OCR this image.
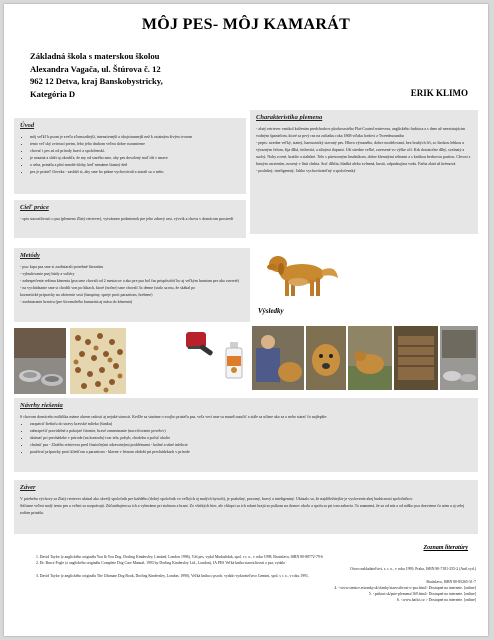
MÔJ PES- MÔJ KAMARÁT
Základná škola s materskou školou
Alexandra Vagača, ul. Štúrova č. 12
962 12 Detva, kraj Banskobystricky,
Kategória D	ERIK KLIMO
Úvod
• môj veľkľ k psom je zveľa zľomozdiejší, intenzívnejší a obojstrannejší než k ostatným živým tvorom
• tento veľ ský zvierací pretm, lebo jeho druhom veľmi dobre rozumieme
• chovať i pes sú od prírody hraví a spoločenskí.
• je smutná a slúži aj okruhľa, že my od starého sme, aby pes dovolený maľ tŕň v tmave
• o seba, prináša a plní mnohé úlohy, keď nemáme štastný deň
• pes je priateľ človeka - zaslúži si, aby sme ho pekne vychovávali a starali sa o neho
Cieľ práce

- opis starostlivosti o psa (plemeno Zlatý retriever), vytvárame podmienok pre jeho zdravý rast, výcvik a chovu v domácom prostredí

Charakteristika plemena

- zlatý retriever vznikol krížením predchodcov plochosrstého Flat-Coated retrievera, anglického farbiaca a s dnes už neexistujúcim vodným španielom, ktoré sa prvý raz na začiatku roka 1868 vďaka lordovi z Tweedmounthu

- pepis: stredne veľký, statný, harmonický stavaný pes. Hlava výrazného, dobre modelovaná, bez hrubých čŕt, so širokou lebkou a výrazným čelom, šija dlhá, tiežuvitá, a silnými tlapami. Uši stredne veľké, zavesené vo výške očí. Krk dostatočne dlhý, svalnatý a suchý. Nohy rovné, kratšie a stabilné. Telo s priestorným hrudníkom, dobre klenutými rebrami a s krátkou bedrovou partiou. Chvost s hustým osrstením, nosený v línii chrbta. Srsť dlhšia, hladká alebo zvlnená, hustá, odpudzujúca vodu. Farba zlatá až krémová.

- poslušný, inteligentný, ľahko vychovávateľný a spoločenský

Metódy

- psa: krpa psa sme si zaobstarali potrebné literatúru

- vybudovanie psej búdy a voliéry

- zabezpečenie režimu kŕmenia (psa sme chovali od 2 mesiacov a ako pre psa bol čas prispôsobiť ho aj veľkým hraniam pes ako zavreté)

- na vychádzanie sme si chodili von po lúkach, ktoré (nočne) sme chovali 3x denne (stalo sa mu, že skákal po

kozmetické prípravky na ošetrenie srsti (šampóny, spreje proti parazitom, hrebene)

- zaobstaranie krmiva (pre štvornohého kamaráta aj mäsa do kŕmenia)

Výsledky
Návrhy riešenia

S chovom domáceho miláčika máme okrem radosti aj nejaké starosti. Keďže sa staráme o svojho priateľa psa, veľa vecí sme sa museli naučiť a stále sa učíme ako sa o neho starať čo najlepšie:

• zaopatriť šteňaťu do stravy kravské mlieko (šunku)
• zabezpečiť pravidelné a pokojné čistenie, hravé zamestnanie (nacvičovanie povelov)
• skúmať pri prechádzke v prírode (na kontrolu) tvar tela, pohyb, chodzbu a počuť okolie
• chrániť psa - Zlatého retrievera pred čiastočnými zdravotnými problémami - kožné a ušné infekcie
• používať prípravky proti kliešťom a parazitom - hlavne v letnom období pri prechádzkach v prírode
Záver

V priebehu výchovy sa Zlatý retriever ukázal ako skvelý spoločník pre každého (dobrý spoločník vo veľkých aj malých bytoch), je poslušný, pozorný, hravý a inteligentný. Ukázalo sa, že najdôležitejšie je vyslovenie akej budúcnosti spoločníkov.

Súčasne veľmi malý tento pes a veľmi sa rozprávajú. Zúčastňujem sa ich a vyberáme pri stolnom a hraní. Zo všetkých hier, ale chlapci sa ich rokmi hrajú zo psíkom na domov okolo a spolu sa pri tom zabavia. To znamená, že sa od nás a od nášho psa dozvieme čo nám a aj celej rodine prináša.

Zoznam literatúry
1. David Taylor (z anglického originálu You & You Dog. Dorling Kindersley, Limited, London 1996), Váš pes, vydal Mudaslidak, spol. s r. o., v roku 1998, Bratislava, ISBN 80-88772-79-6
2. Dr. Bruce Fogle (z anglického originálu Complete Dog Care Manual, 1993 by Dorling Kindersley Ltd., London), JA PES Veľká kniha starostlivosti o psa, vydalo
Otovo nakladateľstvi, s. r. o., v roku 1999, Praha, ISBN 80-7181-255-2 (Antl.vyd.)
3. David Taylor (z anglického originálu The Ultimate Dog Book, Dorling Kindersley, London, 1990), Veľká kniha o psoch, vydalo vydavateľstvo Gemini, spol. s r. o., v roku 1991,
Bratislava, ISBN 80-85265-31-7
4. <www.stenice.estranky.sk/clanky/starostlivost-o-psa.html> Dostupné na internete. [online]
5. <psikuri.sk/psie-plemena/169.html> Dostupné na internete. [online]
6. <www.hafici.cz > Dostupné na internete. [online]
